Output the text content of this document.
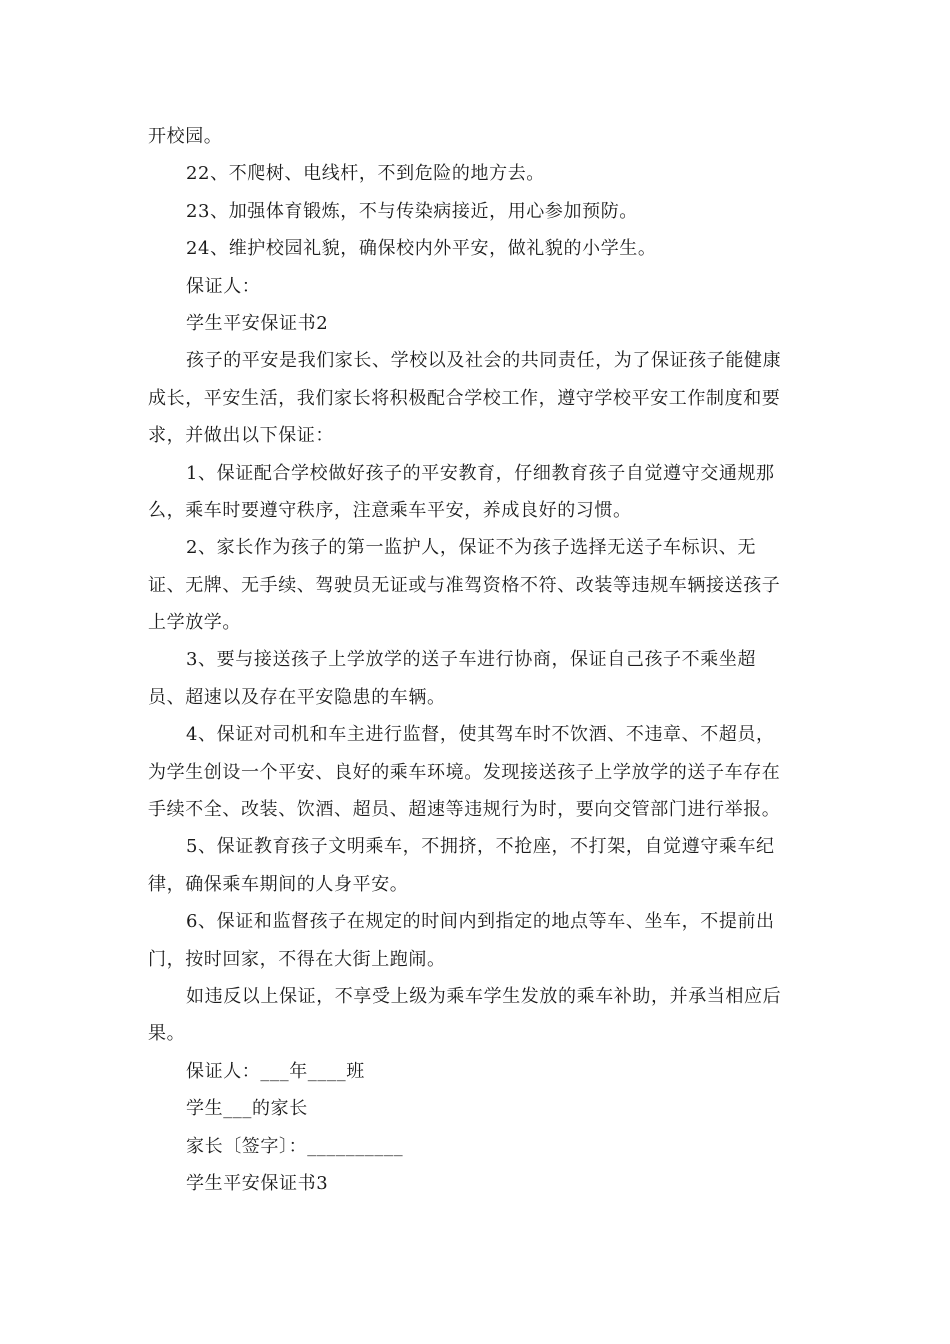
开校园。
22、不爬树、电线杆，不到危险的地方去。
23、加强体育锻炼，不与传染病接近，用心参加预防。
24、维护校园礼貌，确保校内外平安，做礼貌的小学生。
保证人：
学生平安保证书2
孩子的平安是我们家长、学校以及社会的共同责任，为了保证孩子能健康
成长，平安生活，我们家长将积极配合学校工作，遵守学校平安工作制度和要
求，并做出以下保证：
1、保证配合学校做好孩子的平安教育，仔细教育孩子自觉遵守交通规那
么，乘车时要遵守秩序，注意乘车平安，养成良好的习惯。
2、家长作为孩子的第一监护人，保证不为孩子选择无送子车标识、无
证、无牌、无手续、驾驶员无证或与准驾资格不符、改装等违规车辆接送孩子
上学放学。
3、要与接送孩子上学放学的送子车进行协商，保证自己孩子不乘坐超
员、超速以及存在平安隐患的车辆。
4、保证对司机和车主进行监督，使其驾车时不饮酒、不违章、不超员，
为学生创设一个平安、良好的乘车环境。发现接送孩子上学放学的送子车存在
手续不全、改装、饮酒、超员、超速等违规行为时，要向交管部门进行举报。
5、保证教育孩子文明乘车，不拥挤，不抢座，不打架，自觉遵守乘车纪
律，确保乘车期间的人身平安。
6、保证和监督孩子在规定的时间内到指定的地点等车、坐车，不提前出
门，按时回家，不得在大街上跑闹。
如违反以上保证，不享受上级为乘车学生发放的乘车补助，并承当相应后
果。
保证人：___年____班
学生___的家长
家长〔签字〕：__________
学生平安保证书3
